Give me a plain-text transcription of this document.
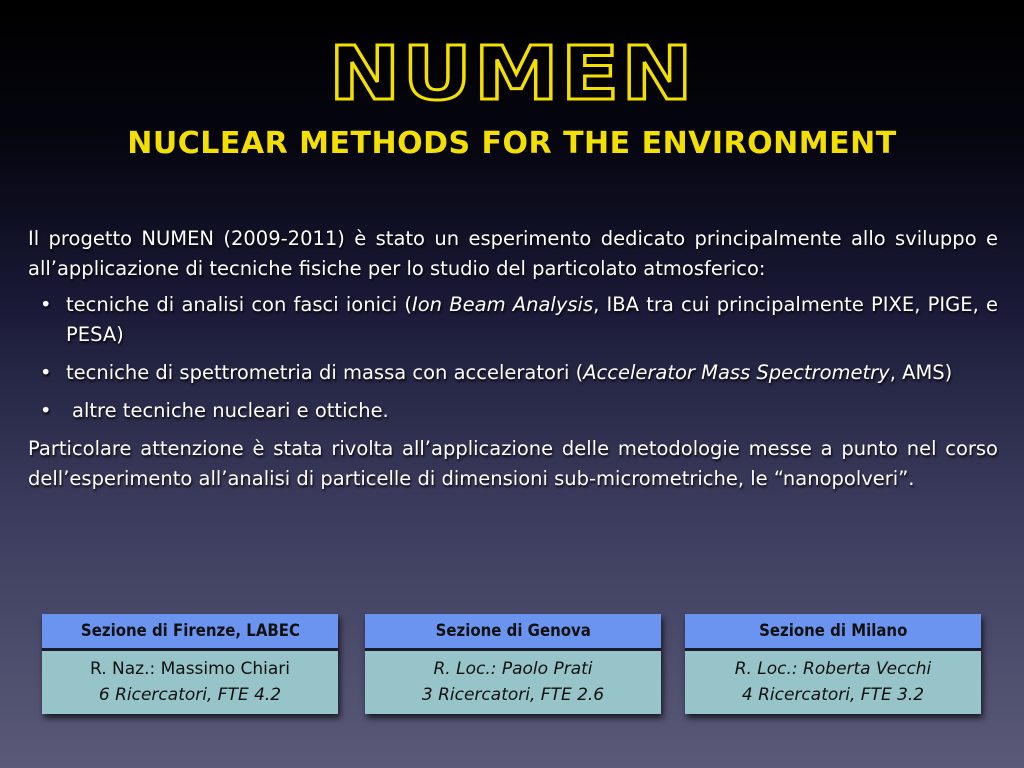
NUMEN
NUCLEAR METHODS FOR THE ENVIRONMENT

Il progetto NUMEN (2009-2011) è stato un esperimento dedicato principalmente allo sviluppo e all’applicazione di tecniche fisiche per lo studio del particolato atmosferico:

• tecniche di analisi con fasci ionici (Ion Beam Analysis, IBA tra cui principalmente PIXE, PIGE, e PESA)
• tecniche di spettrometria di massa con acceleratori (Accelerator Mass Spectrometry, AMS)
• altre tecniche nucleari e ottiche.

Particolare attenzione è stata rivolta all’applicazione delle metodologie messe a punto nel corso dell’esperimento all’analisi di particelle di dimensioni sub-micrometriche, le “nanopolveri”.

Sezione di Firenze, LABEC
R. Naz.: Massimo Chiari
6 Ricercatori, FTE 4.2
Sezione di Genova
R. Loc.: Paolo Prati
3 Ricercatori, FTE 2.6
Sezione di Milano
R. Loc.: Roberta Vecchi
4 Ricercatori, FTE 3.2
